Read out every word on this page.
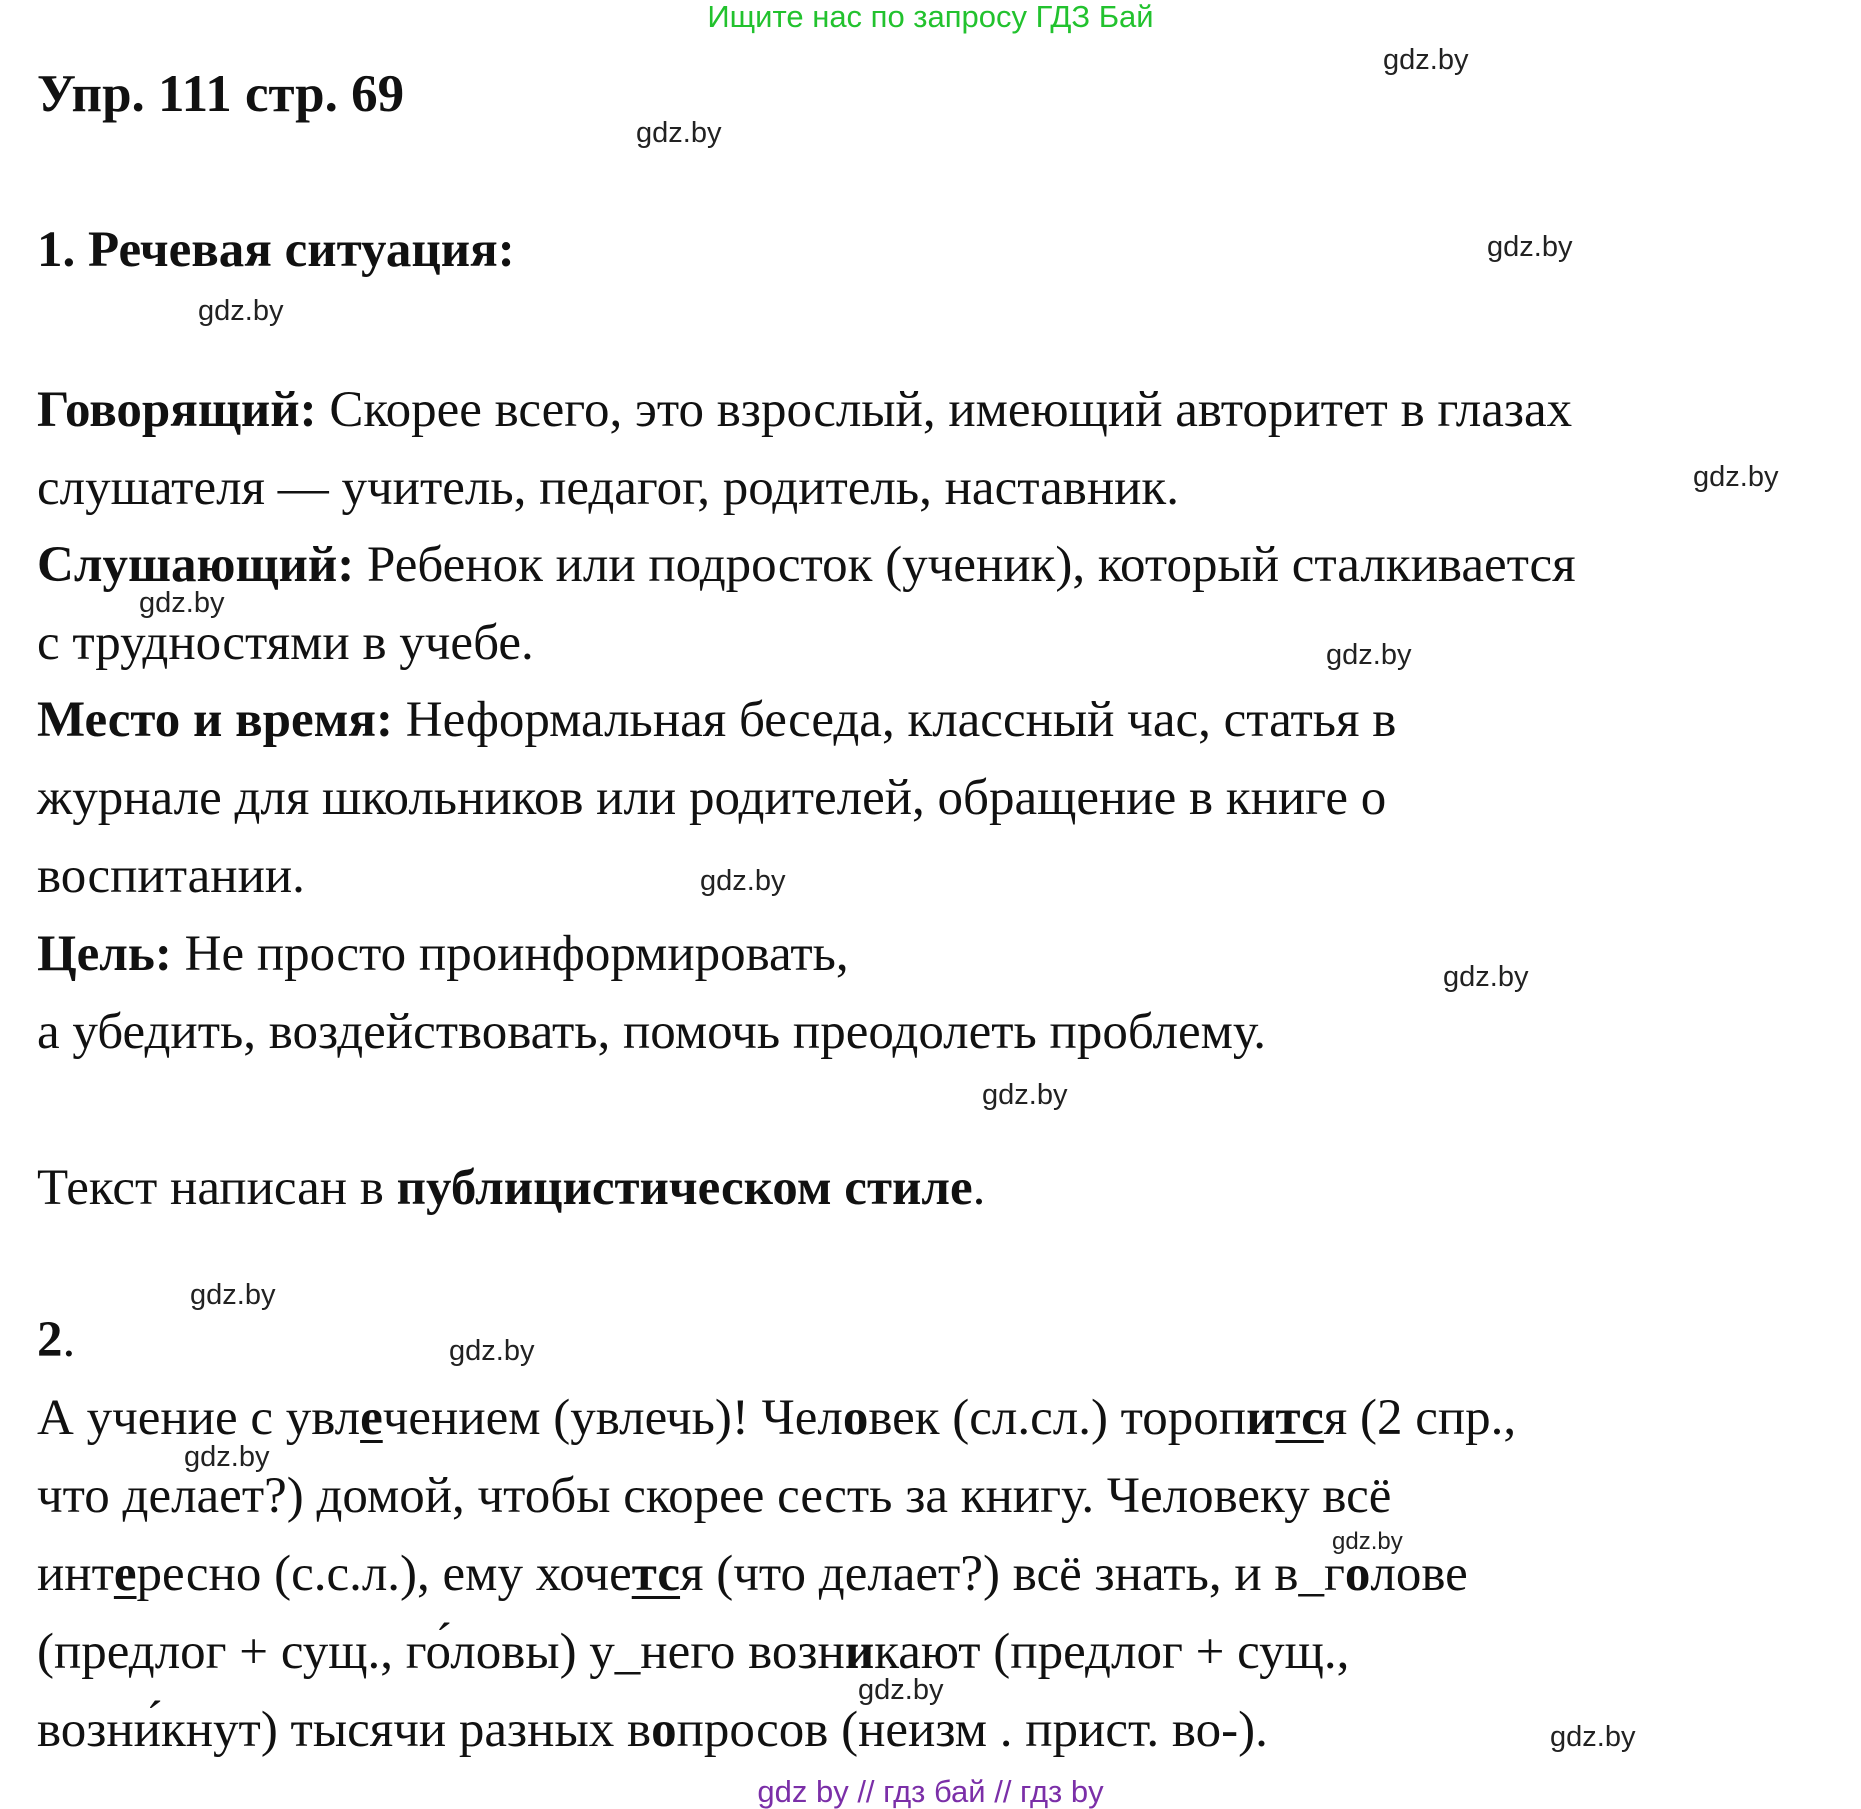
Ищите нас по запросу ГДЗ Бай
Упр. 111 стр. 69
1. Речевая ситуация:
Говорящий: Скорее всего, это взрослый, имеющий авторитет в глазах
слушателя — учитель, педагог, родитель, наставник.
Слушающий: Ребенок или подросток (ученик), который сталкивается
с трудностями в учебе.
Место и время: Неформальная беседа, классный час, статья в
журнале для школьников или родителей, обращение в книге о
воспитании.
Цель: Не просто проинформировать,
а убедить, воздействовать, помочь преодолеть проблему.
Текст написан в публицистическом стиле.
2.
А учение с увлечением (увлечь)! Человек (сл.сл.) торопится (2 спр.,
что делает?) домой, чтобы скорее сесть за книгу. Человеку всё
интересно (с.с.л.), ему хочется (что делает?) всё знать, и в_голове
(предлог + сущ., го́ловы) у_него возникают (предлог + сущ.,
возни́кнут) тысячи разных вопросов (неизм . прист. во-).
gdz.by
gdz.by
gdz.by
gdz.by
gdz.by
gdz.by
gdz.by
gdz.by
gdz.by
gdz.by
gdz.by
gdz.by
gdz.by
gdz.by
gdz.by
gdz.by
gdz by // гдз бай // гдз by
